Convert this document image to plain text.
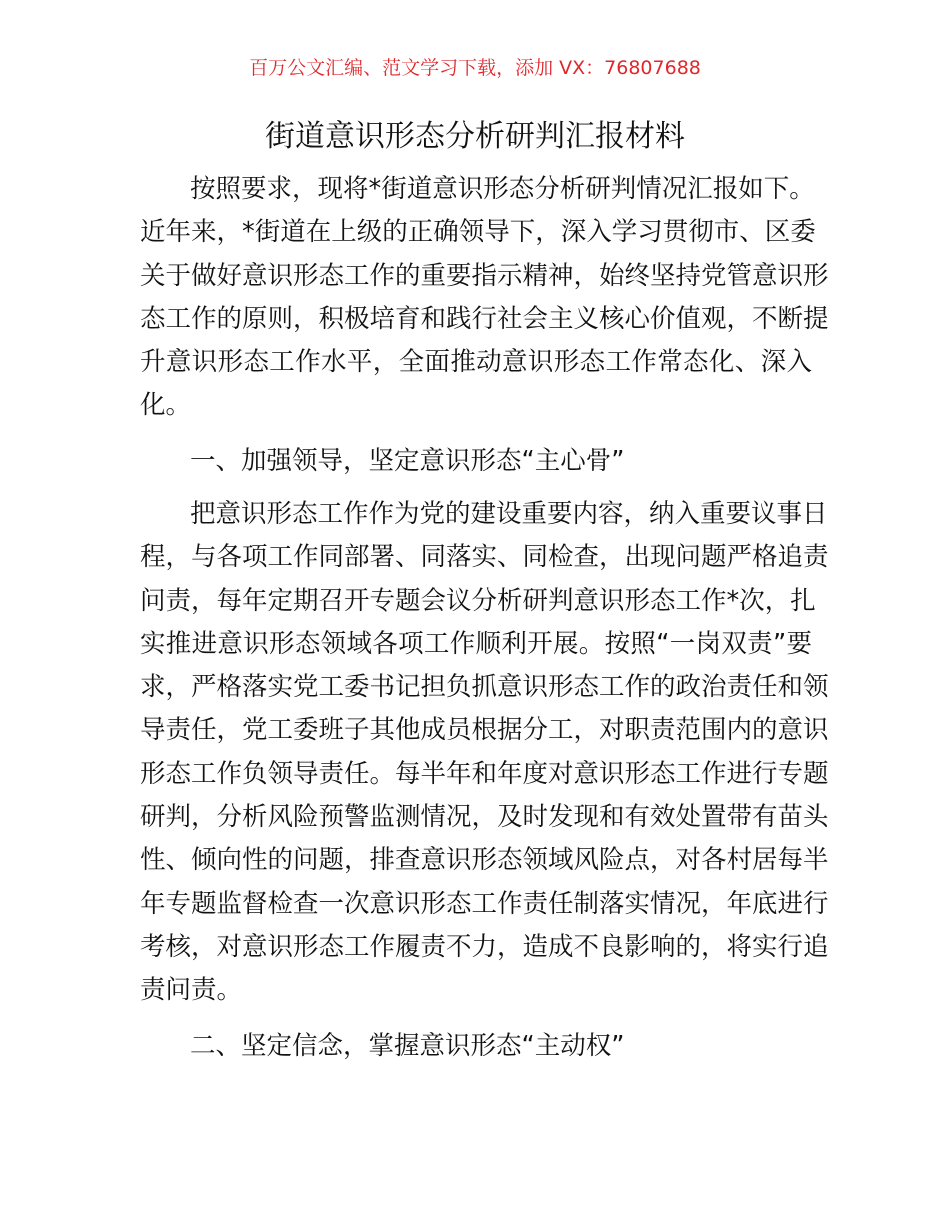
百万公文汇编、范文学习下载，添加 VX：76807688
街道意识形态分析研判汇报材料
按照要求，现将*街道意识形态分析研判情况汇报如下。
近年来，*街道在上级的正确领导下，深入学习贯彻市、区委
关于做好意识形态工作的重要指示精神，始终坚持党管意识形
态工作的原则，积极培育和践行社会主义核心价值观，不断提
升意识形态工作水平，全面推动意识形态工作常态化、深入
化。
一、加强领导，坚定意识形态“主心骨”
把意识形态工作作为党的建设重要内容，纳入重要议事日
程，与各项工作同部署、同落实、同检查，出现问题严格追责
问责，每年定期召开专题会议分析研判意识形态工作*次，扎
实推进意识形态领域各项工作顺利开展。按照“一岗双责”要
求，严格落实党工委书记担负抓意识形态工作的政治责任和领
导责任，党工委班子其他成员根据分工，对职责范围内的意识
形态工作负领导责任。每半年和年度对意识形态工作进行专题
研判，分析风险预警监测情况，及时发现和有效处置带有苗头
性、倾向性的问题，排查意识形态领域风险点，对各村居每半
年专题监督检查一次意识形态工作责任制落实情况，年底进行
考核，对意识形态工作履责不力，造成不良影响的，将实行追
责问责。
二、坚定信念，掌握意识形态“主动权”
